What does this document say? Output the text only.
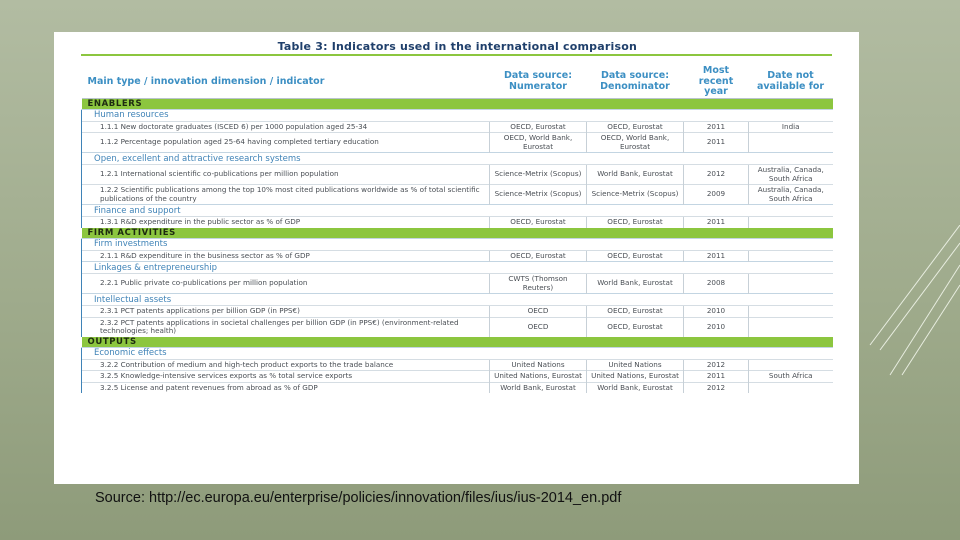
Table 3: Indicators used in the international comparison
Main type / innovation dimension / indicator	Data source: Numerator	Data source: Denominator	Most recent year	Date not available for
ENABLERS				
Human resources				
1.1.1 New doctorate graduates (ISCED 6) per 1000 population aged 25-34	OECD, Eurostat	OECD, Eurostat	2011	India
1.1.2 Percentage population aged 25-64 having completed tertiary education	OECD, World Bank, Eurostat	OECD, World Bank, Eurostat	2011	
Open, excellent and attractive research systems				
1.2.1 International scientific co-publications per million population	Science-Metrix (Scopus)	World Bank, Eurostat	2012	Australia, Canada, South Africa
1.2.2 Scientific publications among the top 10% most cited publications worldwide as % of total scientific publications of the country	Science-Metrix (Scopus)	Science-Metrix (Scopus)	2009	Australia, Canada, South Africa
Finance and support				
1.3.1 R&D expenditure in the public sector as % of GDP	OECD, Eurostat	OECD, Eurostat	2011	
FIRM ACTIVITIES				
Firm investments				
2.1.1 R&D expenditure in the business sector as % of GDP	OECD, Eurostat	OECD, Eurostat	2011	
Linkages & entrepreneurship				
2.2.1 Public private co-publications per million population	CWTS (Thomson Reuters)	World Bank, Eurostat	2008	
Intellectual assets				
2.3.1 PCT patents applications per billion GDP (in PPS€)	OECD	OECD, Eurostat	2010	
2.3.2 PCT patents applications in societal challenges per billion GDP (in PPS€) (environment-related technologies; health)	OECD	OECD, Eurostat	2010	
OUTPUTS				
Economic effects				
3.2.2 Contribution of medium and high-tech product exports to the trade balance	United Nations	United Nations	2012	
3.2.5 Knowledge-intensive services exports as % total service exports	United Nations, Eurostat	United Nations, Eurostat	2011	South Africa
3.2.5 License and patent revenues from abroad as % of GDP	World Bank, Eurostat	World Bank, Eurostat	2012	
Source: http://ec.europa.eu/enterprise/policies/innovation/files/ius/ius-2014_en.pdf
